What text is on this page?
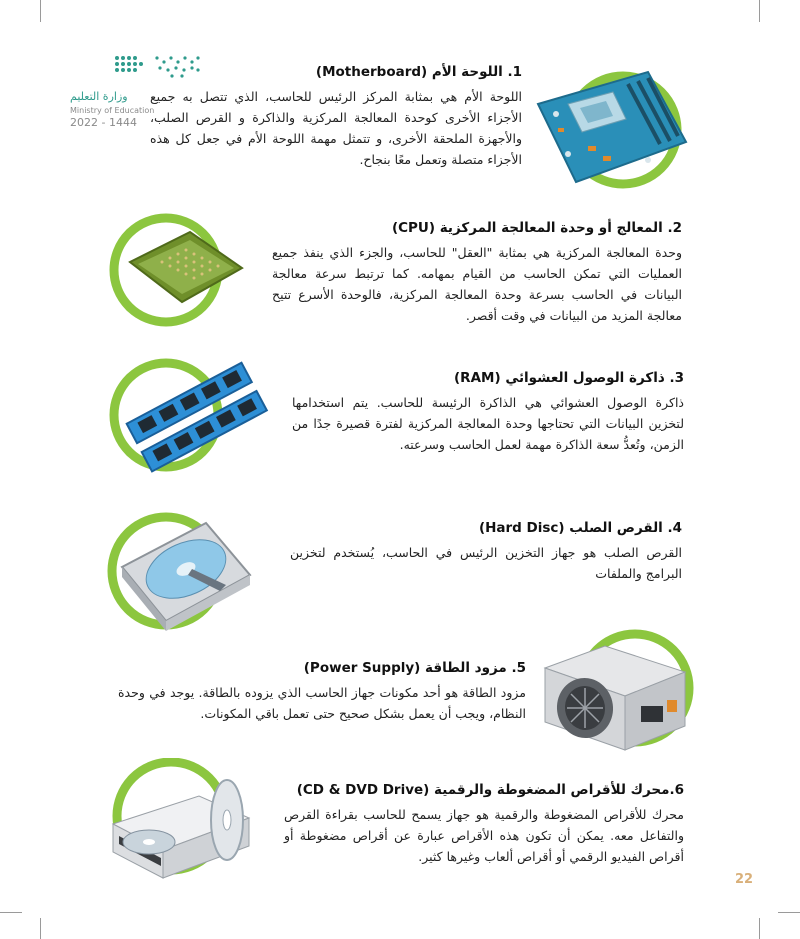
وزارة التعليم
Ministry of Education
2022 - 1444
1. اللوحة الأم (Motherboard)

اللوحة الأم هي بمثابة المركز الرئيس للحاسب، الذي تتصل به جميع الأجزاء الأخرى كوحدة المعالجة المركزية والذاكرة و القرص الصلب، والأجهزة الملحقة الأخرى، و تتمثل مهمة اللوحة الأم في جعل كل هذه الأجزاء متصلة وتعمل معًا بنجاح.

2. المعالج أو وحدة المعالجة المركزية (CPU)

وحدة المعالجة المركزية هي بمثابة "العقل" للحاسب، والجزء الذي ينفذ جميع العمليات التي تمكن الحاسب من القيام بمهامه. كما ترتبط سرعة معالجة البيانات في الحاسب بسرعة وحدة المعالجة المركزية، فالوحدة الأسرع تتيح معالجة المزيد من البيانات في وقت أقصر.

3. ذاكرة الوصول العشوائي (RAM)

ذاكرة الوصول العشوائي هي الذاكرة الرئيسة للحاسب. يتم استخدامها لتخزين البيانات التي تحتاجها وحدة المعالجة المركزية لفترة قصيرة جدًا من الزمن، وتُعدُّ سعة الذاكرة مهمة لعمل الحاسب وسرعته.

4. القرص الصلب (Hard Disc)

القرص الصلب هو جهاز التخزين الرئيس في الحاسب، يُستخدم لتخزين البرامج والملفات

5. مزود الطاقة (Power Supply)

مزود الطاقة هو أحد مكونات جهاز الحاسب الذي يزوده بالطاقة. يوجد في وحدة النظام، ويجب أن يعمل بشكل صحيح حتى تعمل باقي المكونات.

6.محرك للأقراص المضغوطة والرقمية (CD & DVD Drive)

محرك للأقراص المضغوطة والرقمية هو جهاز يسمح للحاسب بقراءة القرص والتفاعل معه. يمكن أن تكون هذه الأقراص عبارة عن أقراص مضغوطة أو أقراص الفيديو الرقمي أو أقراص ألعاب وغيرها كثير.

22
